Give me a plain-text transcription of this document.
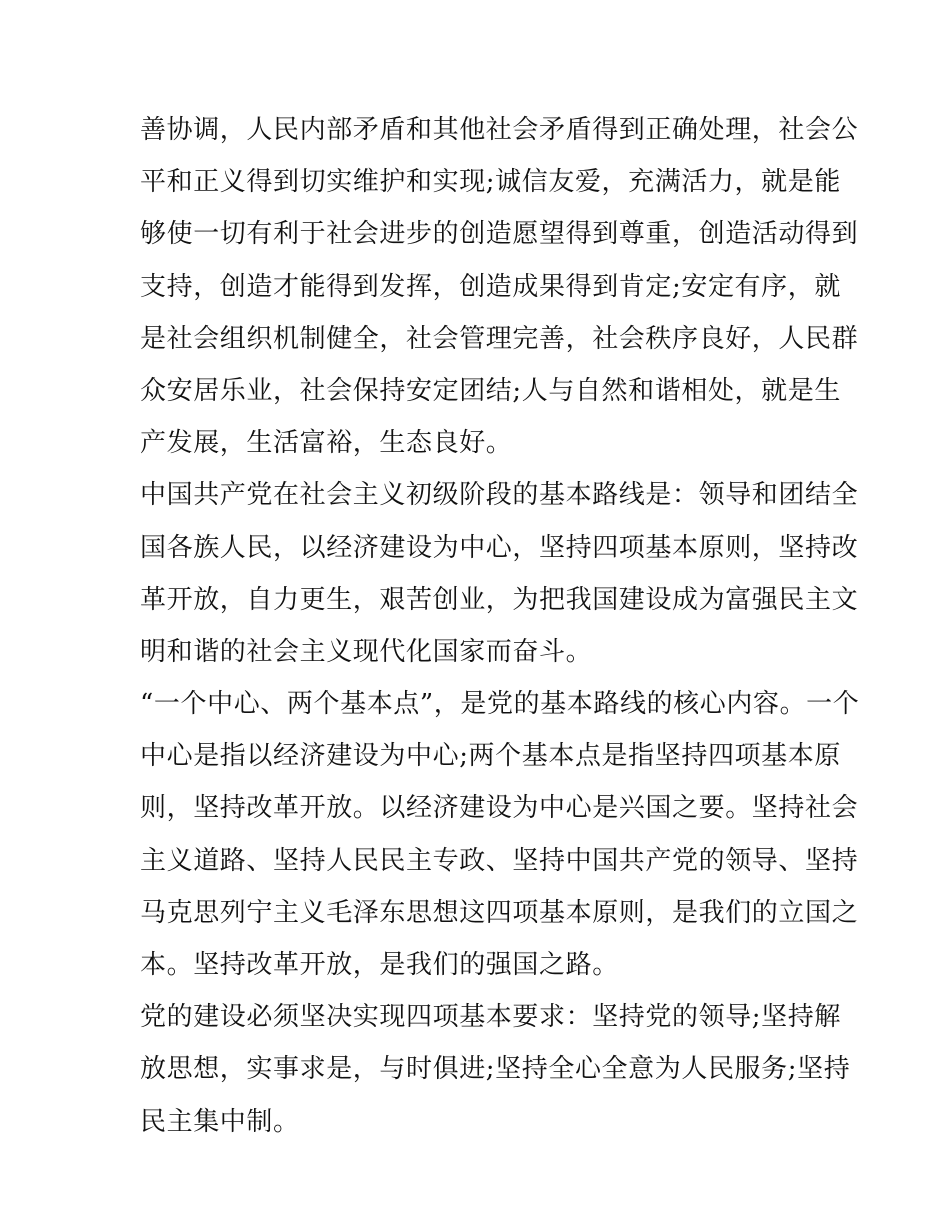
善协调，人民内部矛盾和其他社会矛盾得到正确处理，社会公
平和正义得到切实维护和实现;诚信友爱，充满活力，就是能
够使一切有利于社会进步的创造愿望得到尊重，创造活动得到
支持，创造才能得到发挥，创造成果得到肯定;安定有序，就
是社会组织机制健全，社会管理完善，社会秩序良好，人民群
众安居乐业，社会保持安定团结;人与自然和谐相处，就是生
产发展，生活富裕，生态良好。
中国共产党在社会主义初级阶段的基本路线是：领导和团结全
国各族人民，以经济建设为中心，坚持四项基本原则，坚持改
革开放，自力更生，艰苦创业，为把我国建设成为富强民主文
明和谐的社会主义现代化国家而奋斗。
“一个中心、两个基本点”，是党的基本路线的核心内容。一个
中心是指以经济建设为中心;两个基本点是指坚持四项基本原
则，坚持改革开放。以经济建设为中心是兴国之要。坚持社会
主义道路、坚持人民民主专政、坚持中国共产党的领导、坚持
马克思列宁主义毛泽东思想这四项基本原则，是我们的立国之
本。坚持改革开放，是我们的强国之路。
党的建设必须坚决实现四项基本要求：坚持党的领导;坚持解
放思想，实事求是，与时俱进;坚持全心全意为人民服务;坚持
民主集中制。
